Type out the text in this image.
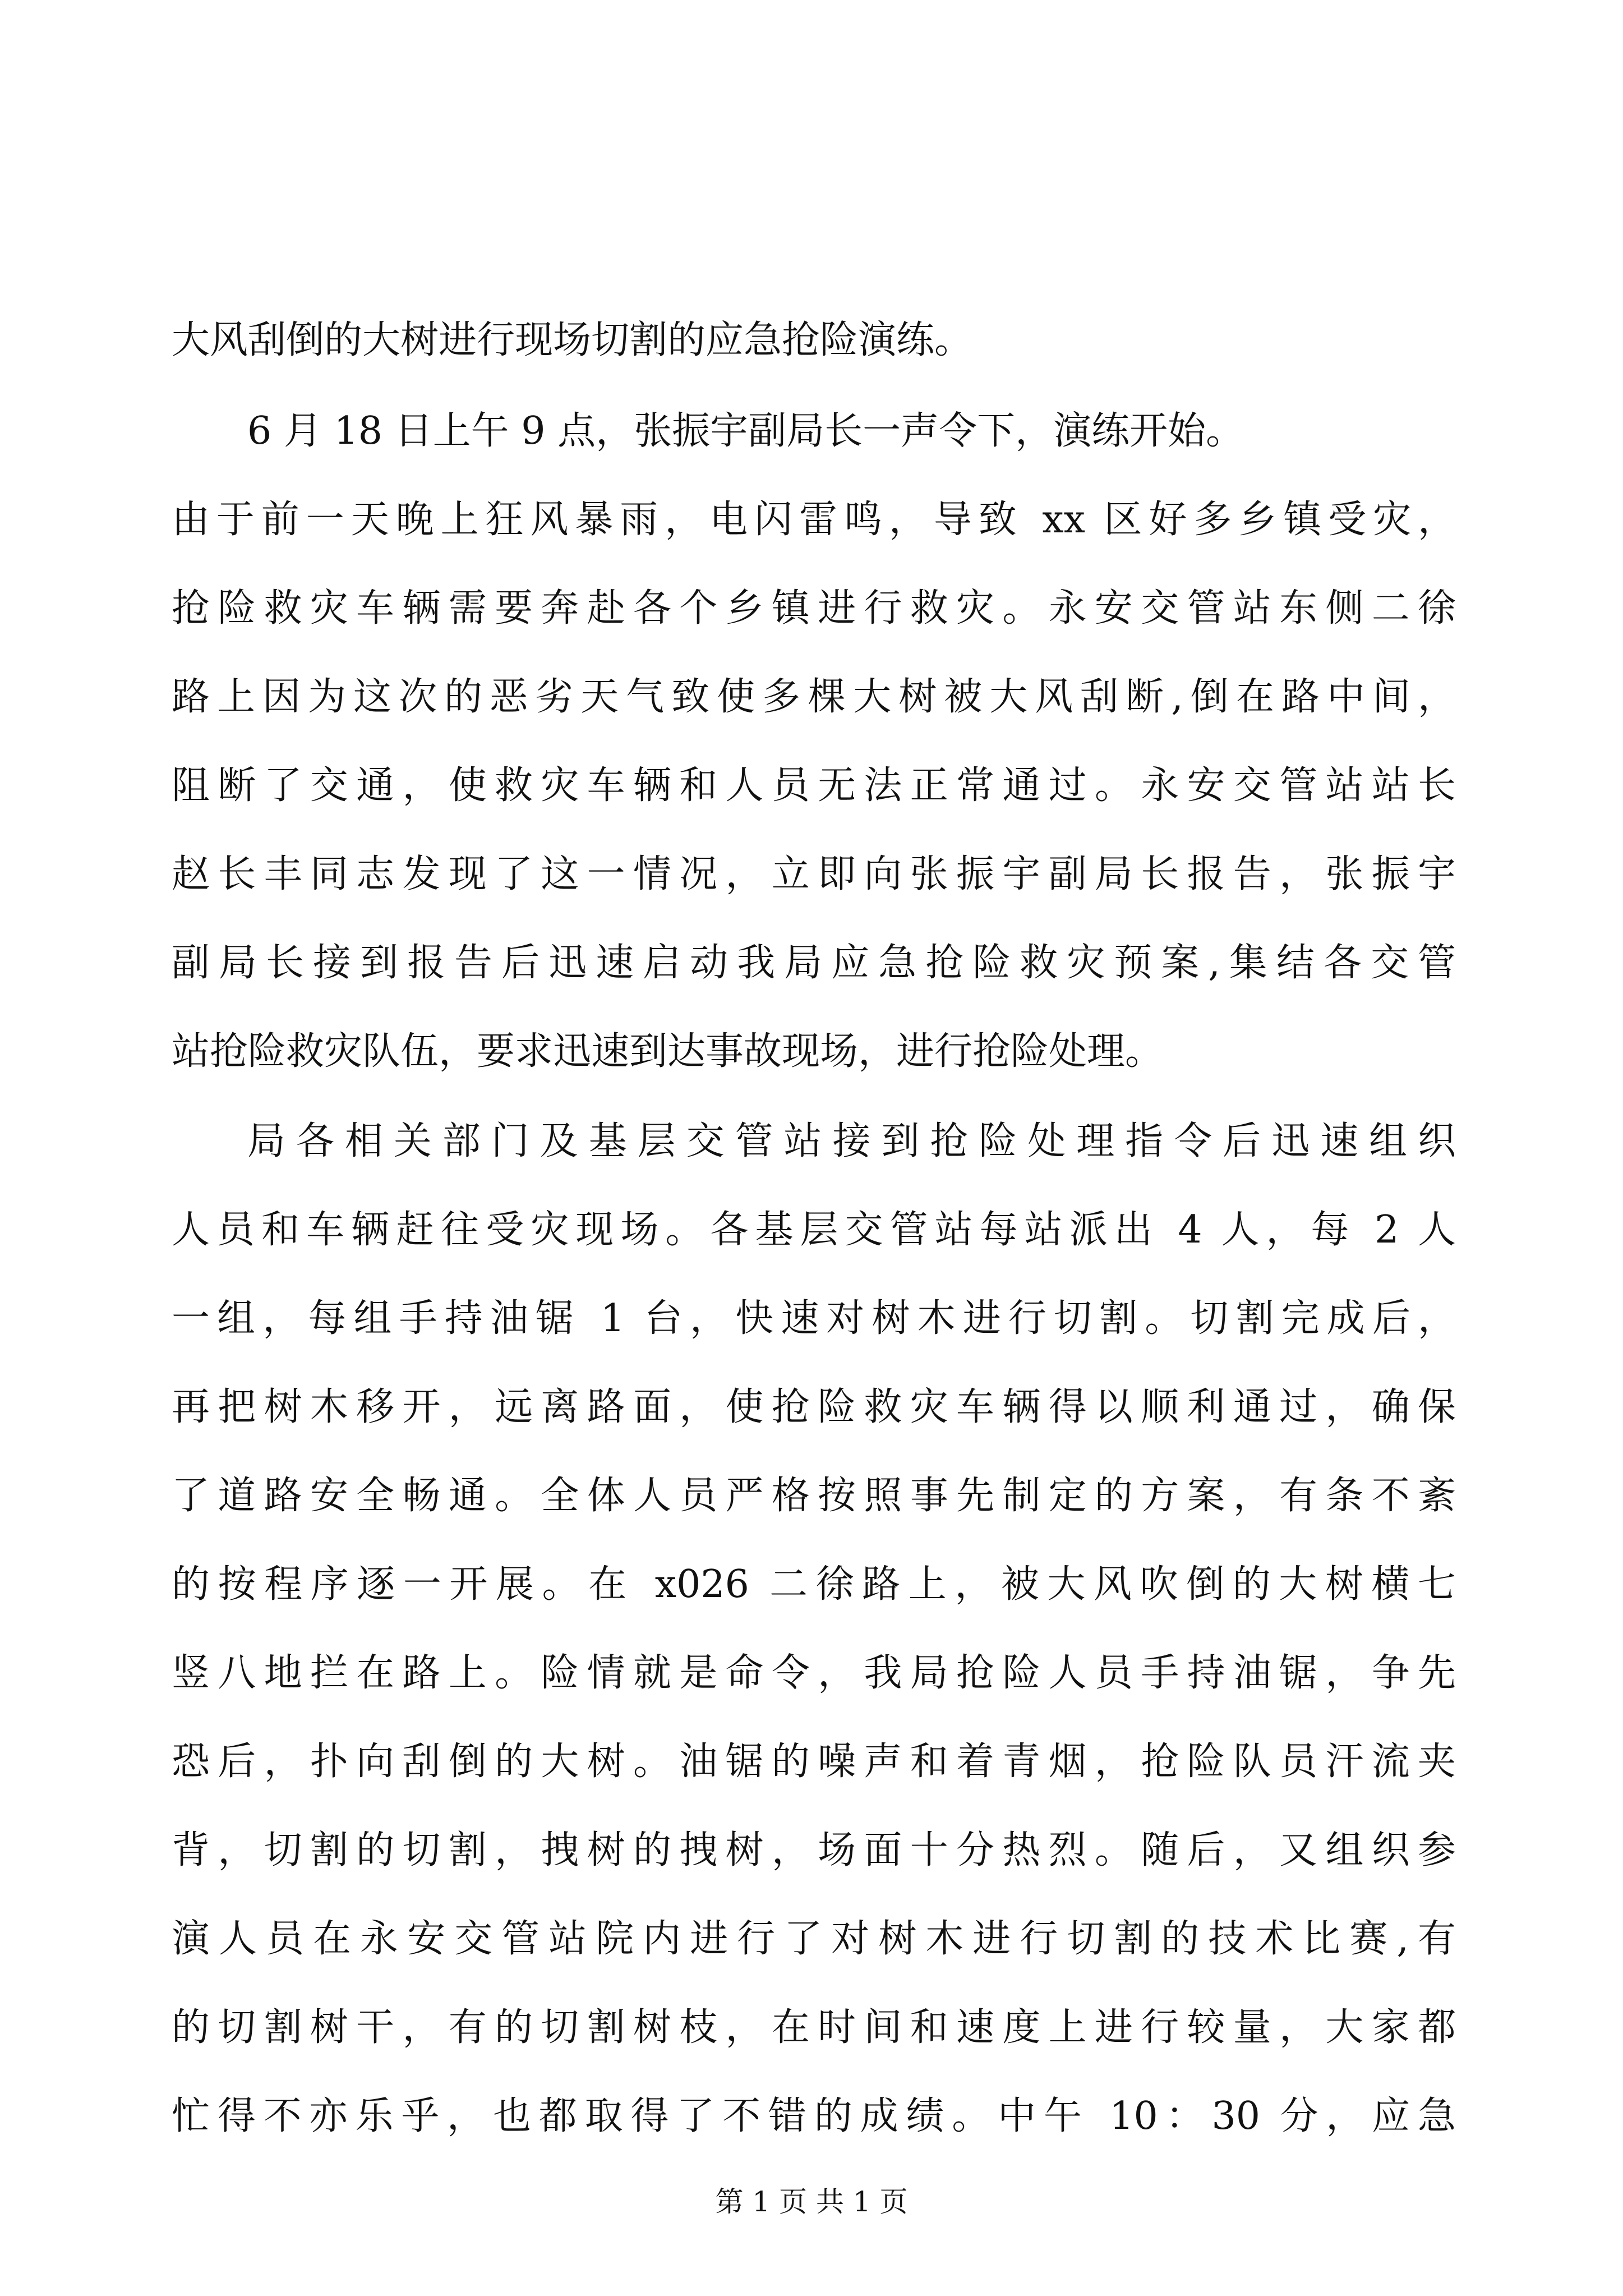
大风刮倒的大树进行现场切割的应急抢险演练。
6 月 18 日上午 9 点，张振宇副局长一声令下，演练开始。
由于前一天晚上狂风暴雨，电闪雷鸣，导致 xx 区好多乡镇受灾，
抢险救灾车辆需要奔赴各个乡镇进行救灾。永安交管站东侧二徐
路上因为这次的恶劣天气致使多棵大树被大风刮断,倒在路中间，
阻断了交通，使救灾车辆和人员无法正常通过。永安交管站站长
赵长丰同志发现了这一情况，立即向张振宇副局长报告，张振宇
副局长接到报告后迅速启动我局应急抢险救灾预案,集结各交管
站抢险救灾队伍，要求迅速到达事故现场，进行抢险处理。
局各相关部门及基层交管站接到抢险处理指令后迅速组织
人员和车辆赶往受灾现场。各基层交管站每站派出 4 人，每 2 人
一组，每组手持油锯 1 台，快速对树木进行切割。切割完成后，
再把树木移开，远离路面，使抢险救灾车辆得以顺利通过，确保
了道路安全畅通。全体人员严格按照事先制定的方案，有条不紊
的按程序逐一开展。在 x026 二徐路上，被大风吹倒的大树横七
竖八地拦在路上。险情就是命令，我局抢险人员手持油锯，争先
恐后，扑向刮倒的大树。油锯的噪声和着青烟，抢险队员汗流夹
背，切割的切割，拽树的拽树，场面十分热烈。随后，又组织参
演人员在永安交管站院内进行了对树木进行切割的技术比赛,有
的切割树干，有的切割树枝，在时间和速度上进行较量，大家都
忙得不亦乐乎，也都取得了不错的成绩。中午 10：30 分，应急
第 1 页 共 1 页
